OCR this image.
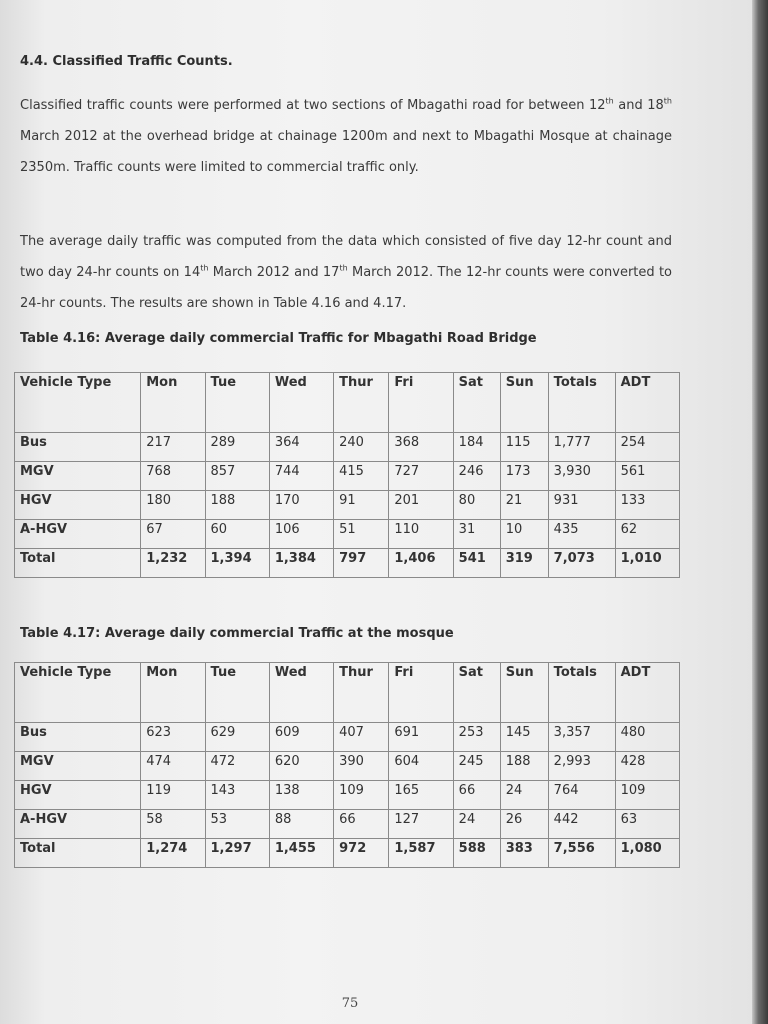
4.4. Classified Traffic Counts.

Classified traffic counts were performed at two sections of Mbagathi road for between 12th and 18th March 2012 at the overhead bridge at chainage 1200m and next to Mbagathi Mosque at chainage 2350m. Traffic counts were limited to commercial traffic only.

The average daily traffic was computed from the data which consisted of five day 12-hr count and two day 24-hr counts on 14th March 2012 and 17th March 2012. The 12-hr counts were converted to 24-hr counts. The results are shown in Table 4.16 and 4.17.

Table 4.16: Average daily commercial Traffic for Mbagathi Road Bridge
Vehicle Type	Mon	Tue	Wed	Thur	Fri	Sat	Sun	Totals	ADT
Bus	217	289	364	240	368	184	115	1,777	254
MGV	768	857	744	415	727	246	173	3,930	561
HGV	180	188	170	91	201	80	21	931	133
A-HGV	67	60	106	51	110	31	10	435	62
Total	1,232	1,394	1,384	797	1,406	541	319	7,073	1,010
Table 4.17: Average daily commercial Traffic at the mosque
Vehicle Type	Mon	Tue	Wed	Thur	Fri	Sat	Sun	Totals	ADT
Bus	623	629	609	407	691	253	145	3,357	480
MGV	474	472	620	390	604	245	188	2,993	428
HGV	119	143	138	109	165	66	24	764	109
A-HGV	58	53	88	66	127	24	26	442	63
Total	1,274	1,297	1,455	972	1,587	588	383	7,556	1,080
75
